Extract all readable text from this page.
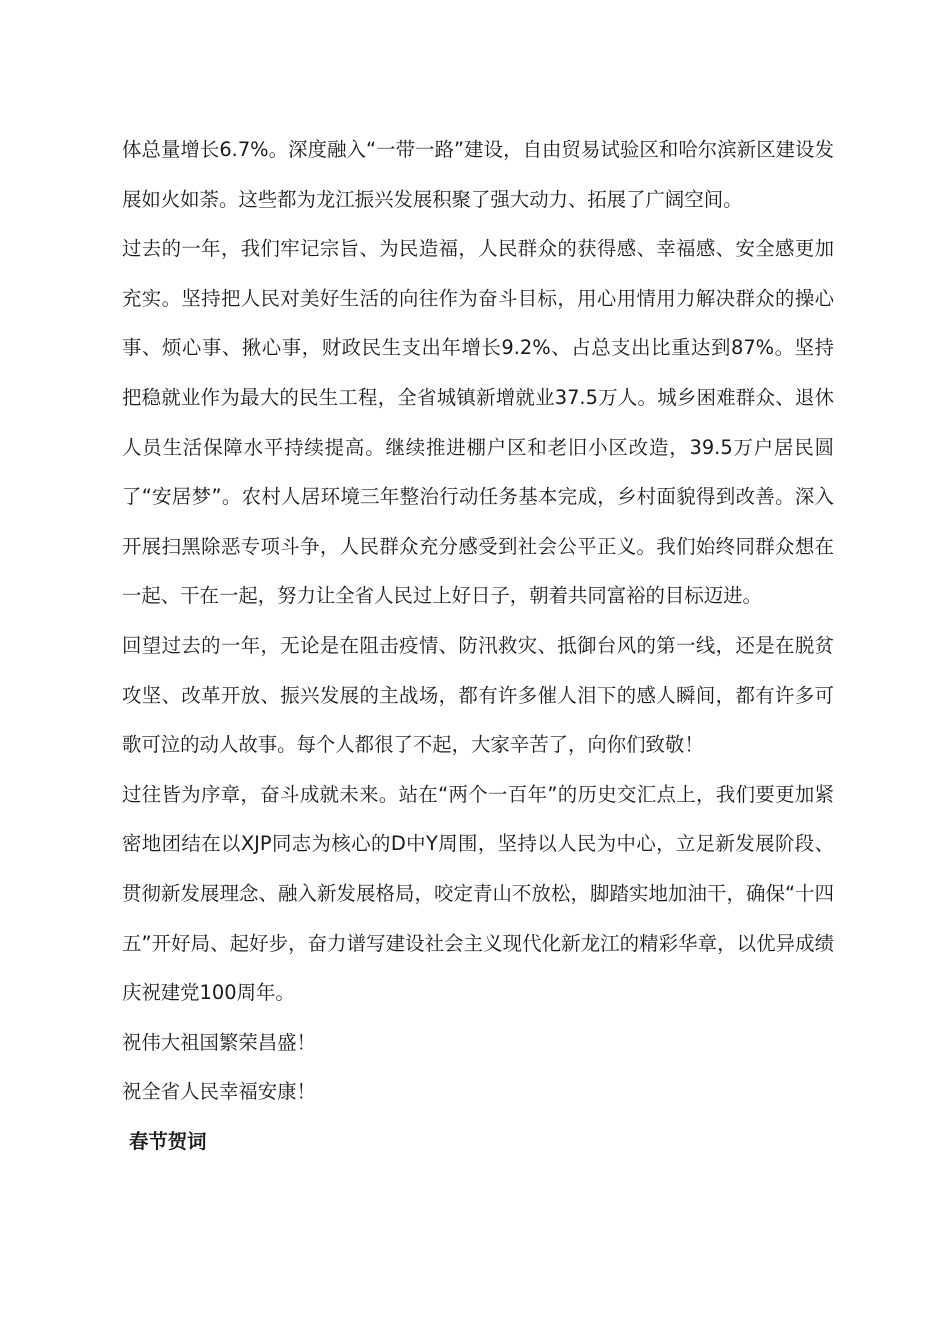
体总量增长6.7%。深度融入“一带一路”建设，自由贸易试验区和哈尔滨新区建设发展如火如荼。这些都为龙江振兴发展积聚了强大动力、拓展了广阔空间。

过去的一年，我们牢记宗旨、为民造福，人民群众的获得感、幸福感、安全感更加充实。坚持把人民对美好生活的向往作为奋斗目标，用心用情用力解决群众的操心事、烦心事、揪心事，财政民生支出年增长9.2%、占总支出比重达到87%。坚持把稳就业作为最大的民生工程，全省城镇新增就业37.5万人。城乡困难群众、退休人员生活保障水平持续提高。继续推进棚户区和老旧小区改造，39.5万户居民圆了“安居梦”。农村人居环境三年整治行动任务基本完成，乡村面貌得到改善。深入开展扫黑除恶专项斗争，人民群众充分感受到社会公平正义。我们始终同群众想在一起、干在一起，努力让全省人民过上好日子，朝着共同富裕的目标迈进。

回望过去的一年，无论是在阻击疫情、防汛救灾、抵御台风的第一线，还是在脱贫攻坚、改革开放、振兴发展的主战场，都有许多催人泪下的感人瞬间，都有许多可歌可泣的动人故事。每个人都很了不起，大家辛苦了，向你们致敬！

过往皆为序章，奋斗成就未来。站在“两个一百年”的历史交汇点上，我们要更加紧密地团结在以XJP同志为核心的D中Y周围，坚持以人民为中心，立足新发展阶段、贯彻新发展理念、融入新发展格局，咬定青山不放松，脚踏实地加油干，确保“十四五”开好局、起好步，奋力谱写建设社会主义现代化新龙江的精彩华章，以优异成绩庆祝建党100周年。

祝伟大祖国繁荣昌盛！

祝全省人民幸福安康！

春节贺词
